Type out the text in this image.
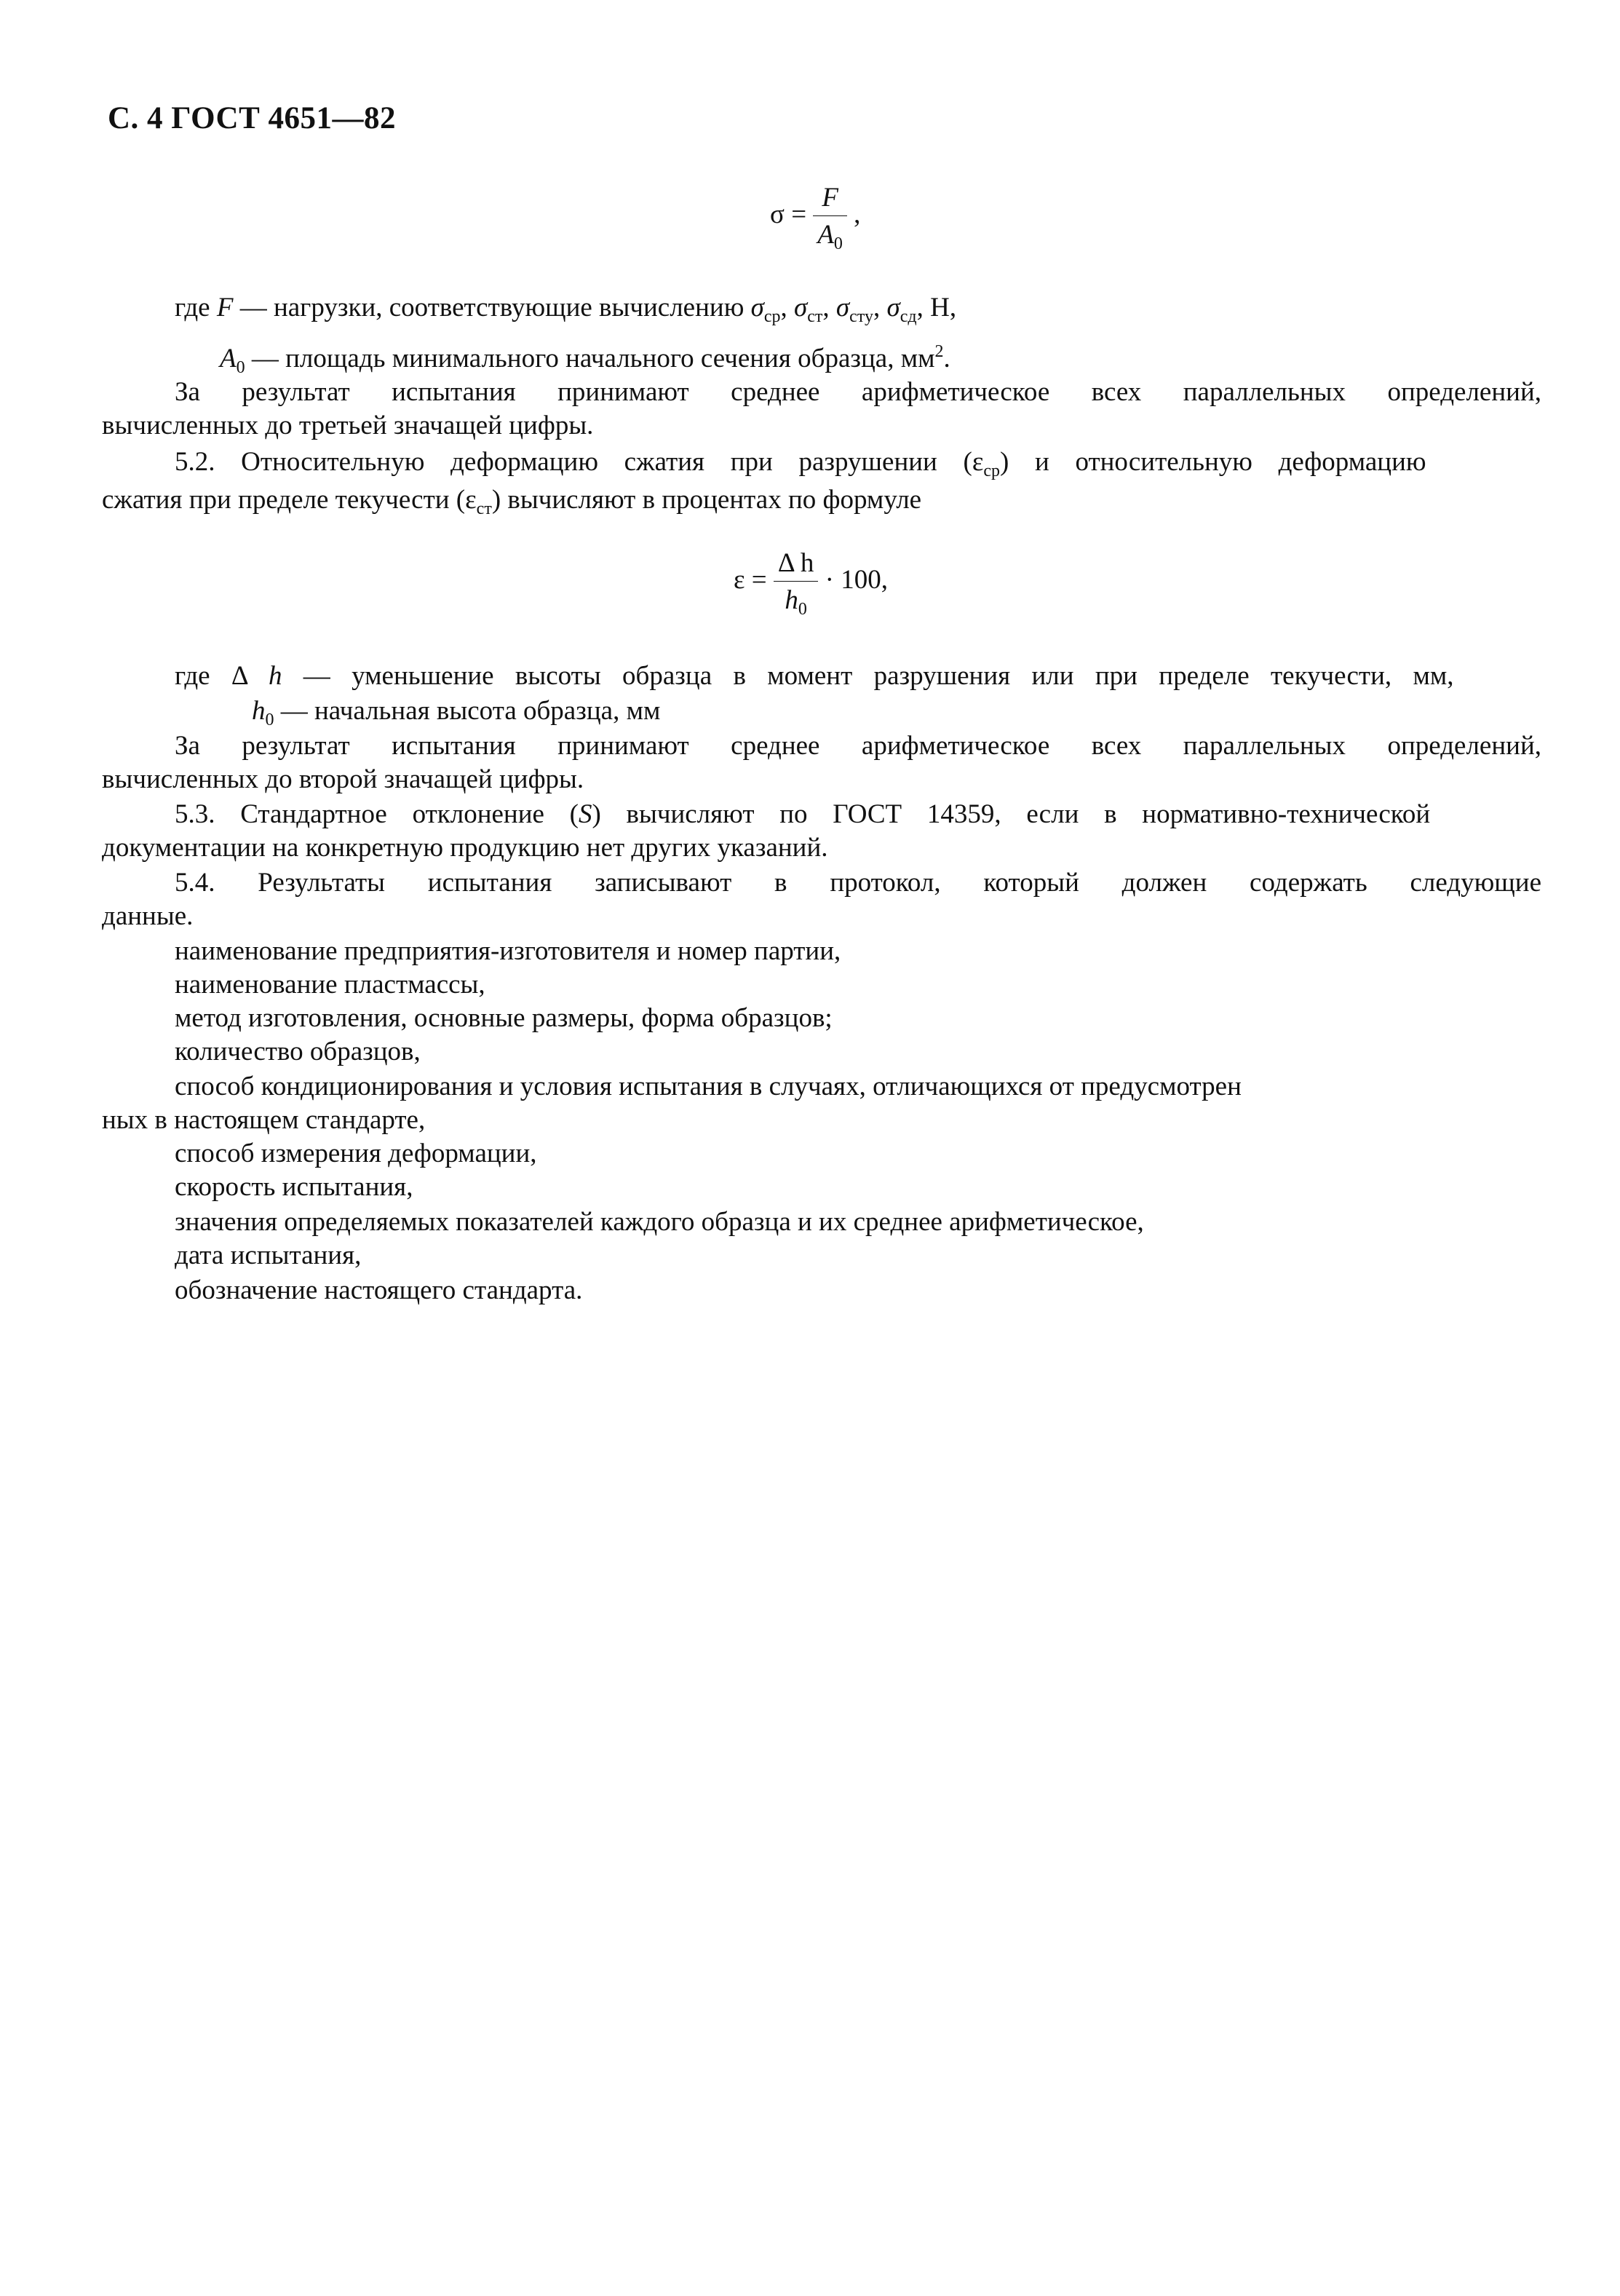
С. 4 ГОСТ 4651—82
$\sigma = \frac{F}{A_0}$ ,
где F — нагрузки, соответствующие вычислению $\sigma_{ср}$, $\sigma_{ст}$, $\sigma_{сту}$, $\sigma_{сд}$, Н,
$A_0$ — площадь минимального начального сечения образца, $мм^2$.
За результат испытания принимают среднее арифметическое всех параллельных определений,
вычисленных до третьей значащей цифры.
5.2. Относительную деформацию сжатия при разрушении $(\varepsilon_{ср})$ и относительную деформацию
сжатия при пределе текучести $(\varepsilon_{ст})$ вычисляют в процентах по формуле
$\varepsilon = \frac{\text{Δ h}}{h_0} \cdot 100$,
где Δ h — уменьшение высоты образца в момент разрушения или при пределе текучести, мм,
$h_0$ — начальная высота образца, мм
За результат испытания принимают среднее арифметическое всех параллельных определений,
вычисленных до второй значащей цифры.
5.3. Стандартное отклонение (S) вычисляют по ГОСТ 14359, если в нормативно-технической
документации на конкретную продукцию нет других указаний.
5.4. Результаты испытания записывают в протокол, который должен содержать следующие
данные.
наименование предприятия-изготовителя и номер партии,
наименование пластмассы,
метод изготовления, основные размеры, форма образцов;
количество образцов,
способ кондиционирования и условия испытания в случаях, отличающихся от предусмотрен
ных в настоящем стандарте,
способ измерения деформации,
скорость испытания,
значения определяемых показателей каждого образца и их среднее арифметическое,
дата испытания,
обозначение настоящего стандарта.
